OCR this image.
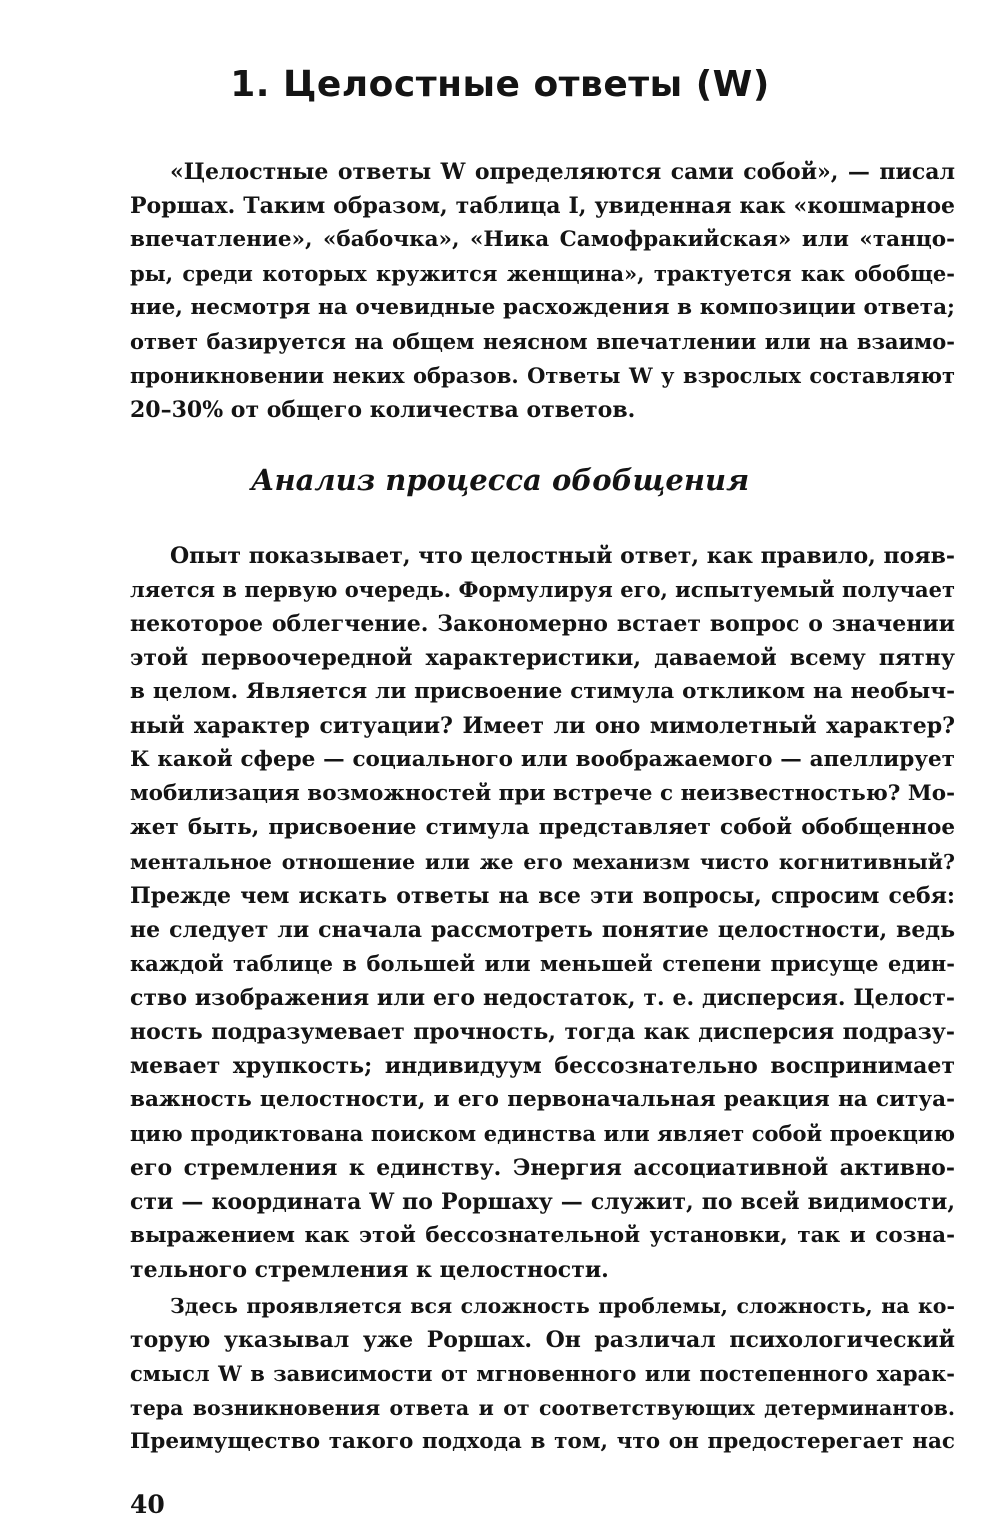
1. Целостные ответы (W)
«Целостные ответы W определяются сами собой», — писал
Роршах. Таким образом, таблица I, увиденная как «кошмарное
впечатление», «бабочка», «Ника Самофракийская» или «танцо-
ры, среди которых кружится женщина», трактуется как обобще-
ние, несмотря на очевидные расхождения в композиции ответа;
ответ базируется на общем неясном впечатлении или на взаимо-
проникновении неких образов. Ответы W у взрослых составляют
20–30% от общего количества ответов.
Анализ процесса обобщения
Опыт показывает, что целостный ответ, как правило, появ-
ляется в первую очередь. Формулируя его, испытуемый получает
некоторое облегчение. Закономерно встает вопрос о значении
этой первоочередной характеристики, даваемой всему пятну
в целом. Является ли присвоение стимула откликом на необыч-
ный характер ситуации? Имеет ли оно мимолетный характер?
К какой сфере — социального или воображаемого — апеллирует
мобилизация возможностей при встрече с неизвестностью? Мо-
жет быть, присвоение стимула представляет собой обобщенное
ментальное отношение или же его механизм чисто когнитивный?
Прежде чем искать ответы на все эти вопросы, спросим себя:
не следует ли сначала рассмотреть понятие целостности, ведь
каждой таблице в большей или меньшей степени присуще един-
ство изображения или его недостаток, т. е. дисперсия. Целост-
ность подразумевает прочность, тогда как дисперсия подразу-
мевает хрупкость; индивидуум бессознательно воспринимает
важность целостности, и его первоначальная реакция на ситуа-
цию продиктована поиском единства или являет собой проекцию
его стремления к единству. Энергия ассоциативной активно-
сти — координата W по Роршаху — служит, по всей видимости,
выражением как этой бессознательной установки, так и созна-
тельного стремления к целостности.
Здесь проявляется вся сложность проблемы, сложность, на ко-
торую указывал уже Роршах. Он различал психологический
смысл W в зависимости от мгновенного или постепенного харак-
тера возникновения ответа и от соответствующих детерминантов.
Преимущество такого подхода в том, что он предостерегает нас
40
